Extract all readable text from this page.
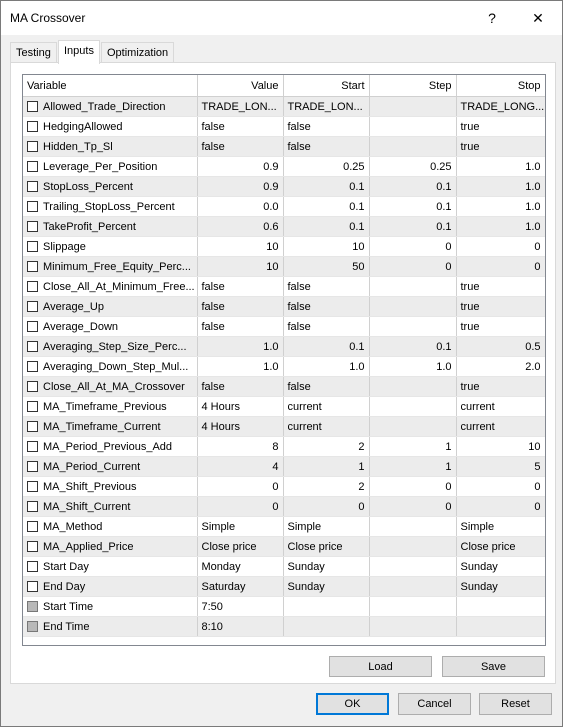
MA Crossover	?	✕
Testing	Inputs	Optimization
Variable	Value	Start	Step	Stop
Allowed_Trade_Direction	TRADE_LON...	TRADE_LON...		TRADE_LONG...
HedgingAllowed	false	false		true
Hidden_Tp_Sl	false	false		true
Leverage_Per_Position	0.9	0.25	0.25	1.0
StopLoss_Percent	0.9	0.1	0.1	1.0
Trailing_StopLoss_Percent	0.0	0.1	0.1	1.0
TakeProfit_Percent	0.6	0.1	0.1	1.0
Slippage	10	10	0	0
Minimum_Free_Equity_Perc...	10	50	0	0
Close_All_At_Minimum_Free...	false	false		true
Average_Up	false	false		true
Average_Down	false	false		true
Averaging_Step_Size_Perc...	1.0	0.1	0.1	0.5
Averaging_Down_Step_Mul...	1.0	1.0	1.0	2.0
Close_All_At_MA_Crossover	false	false		true
MA_Timeframe_Previous	4 Hours	current		current
MA_Timeframe_Current	4 Hours	current		current
MA_Period_Previous_Add	8	2	1	10
MA_Period_Current	4	1	1	5
MA_Shift_Previous	0	2	0	0
MA_Shift_Current	0	0	0	0
MA_Method	Simple	Simple		Simple
MA_Applied_Price	Close price	Close price		Close price
Start Day	Monday	Sunday		Sunday
End Day	Saturday	Sunday		Sunday
Start Time	7:50			
End Time	8:10			
Load	Save
OK	Cancel	Reset
